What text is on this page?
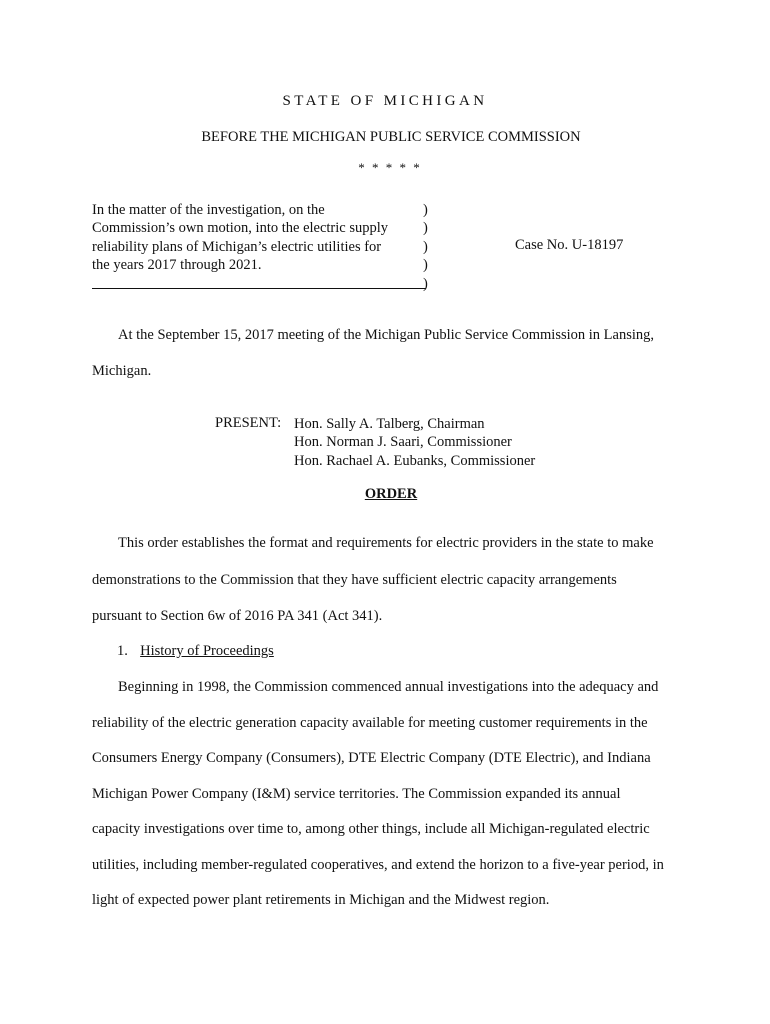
STATE OF MICHIGAN
BEFORE THE MICHIGAN PUBLIC SERVICE COMMISSION
* * * * *
In the matter of the investigation, on the
Commission’s own motion, into the electric supply
reliability plans of Michigan’s electric utilities for
the years 2017 through 2021.
)
)
)
)
)
Case No. U-18197
At the September 15, 2017 meeting of the Michigan Public Service Commission in Lansing,
Michigan.
PRESENT: Hon. Sally A. Talberg, Chairman
Hon. Norman J. Saari, Commissioner
Hon. Rachael A. Eubanks, Commissioner
ORDER
This order establishes the format and requirements for electric providers in the state to make
demonstrations to the Commission that they have sufficient electric capacity arrangements
pursuant to Section 6w of 2016 PA 341 (Act 341).
1. History of Proceedings
Beginning in 1998, the Commission commenced annual investigations into the adequacy and
reliability of the electric generation capacity available for meeting customer requirements in the
Consumers Energy Company (Consumers), DTE Electric Company (DTE Electric), and Indiana
Michigan Power Company (I&M) service territories. The Commission expanded its annual
capacity investigations over time to, among other things, include all Michigan-regulated electric
utilities, including member-regulated cooperatives, and extend the horizon to a five-year period, in
light of expected power plant retirements in Michigan and the Midwest region.
